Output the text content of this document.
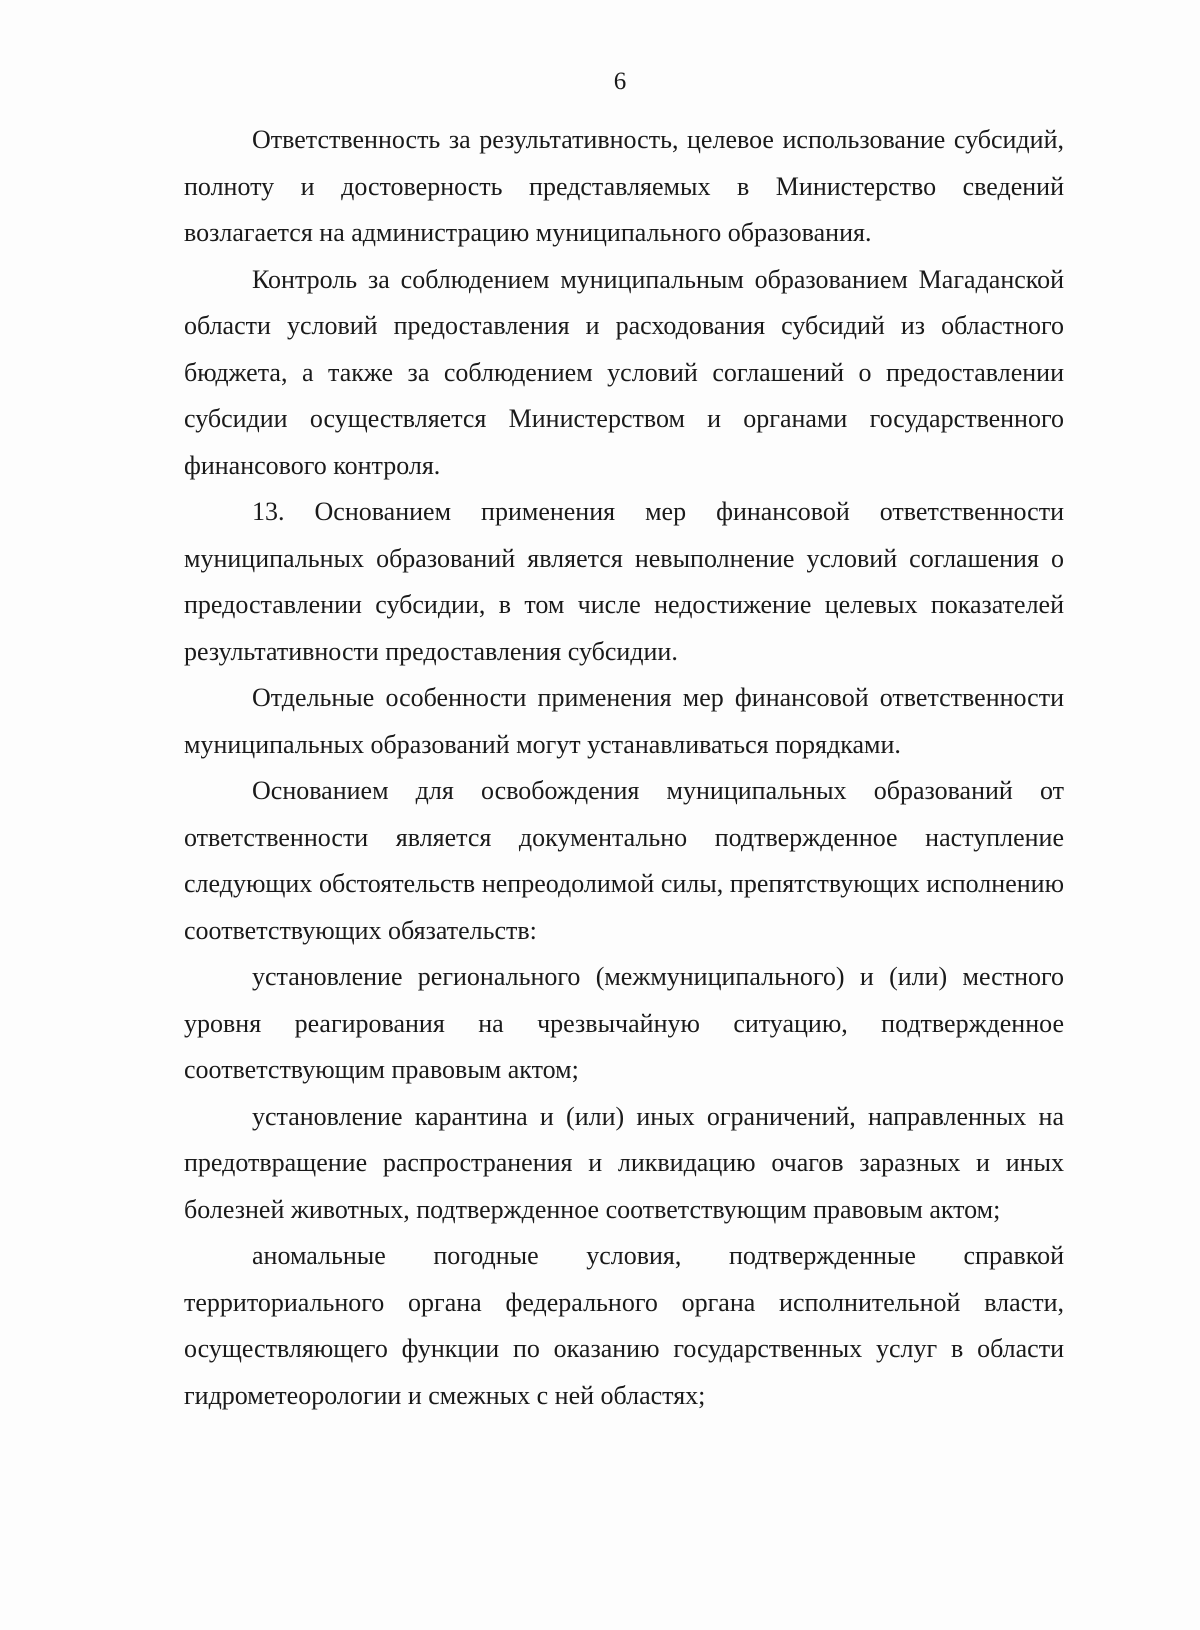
6

Ответственность за результативность, целевое использование субсидий, полноту и достоверность представляемых в Министерство сведений возлагается на администрацию муниципального образования.

Контроль за соблюдением муниципальным образованием Магаданской области условий предоставления и расходования субсидий из областного бюджета, а также за соблюдением условий соглашений о предоставлении субсидии осуществляется Министерством и органами государственного финансового контроля.

13. Основанием применения мер финансовой ответственности муниципальных образований является невыполнение условий соглашения о предоставлении субсидии, в том числе недостижение целевых показателей результативности предоставления субсидии.

Отдельные особенности применения мер финансовой ответственности муниципальных образований могут устанавливаться порядками.

Основанием для освобождения муниципальных образований от ответственности является документально подтвержденное наступление следующих обстоятельств непреодолимой силы, препятствующих исполнению соответствующих обязательств:

установление регионального (межмуниципального) и (или) местного уровня реагирования на чрезвычайную ситуацию, подтвержденное соответствующим правовым актом;

установление карантина и (или) иных ограничений, направленных на предотвращение распространения и ликвидацию очагов заразных и иных болезней животных, подтвержденное соответствующим правовым актом;

аномальные погодные условия, подтвержденные справкой территориального органа федерального органа исполнительной власти, осуществляющего функции по оказанию государственных услуг в области гидрометеорологии и смежных с ней областях;
